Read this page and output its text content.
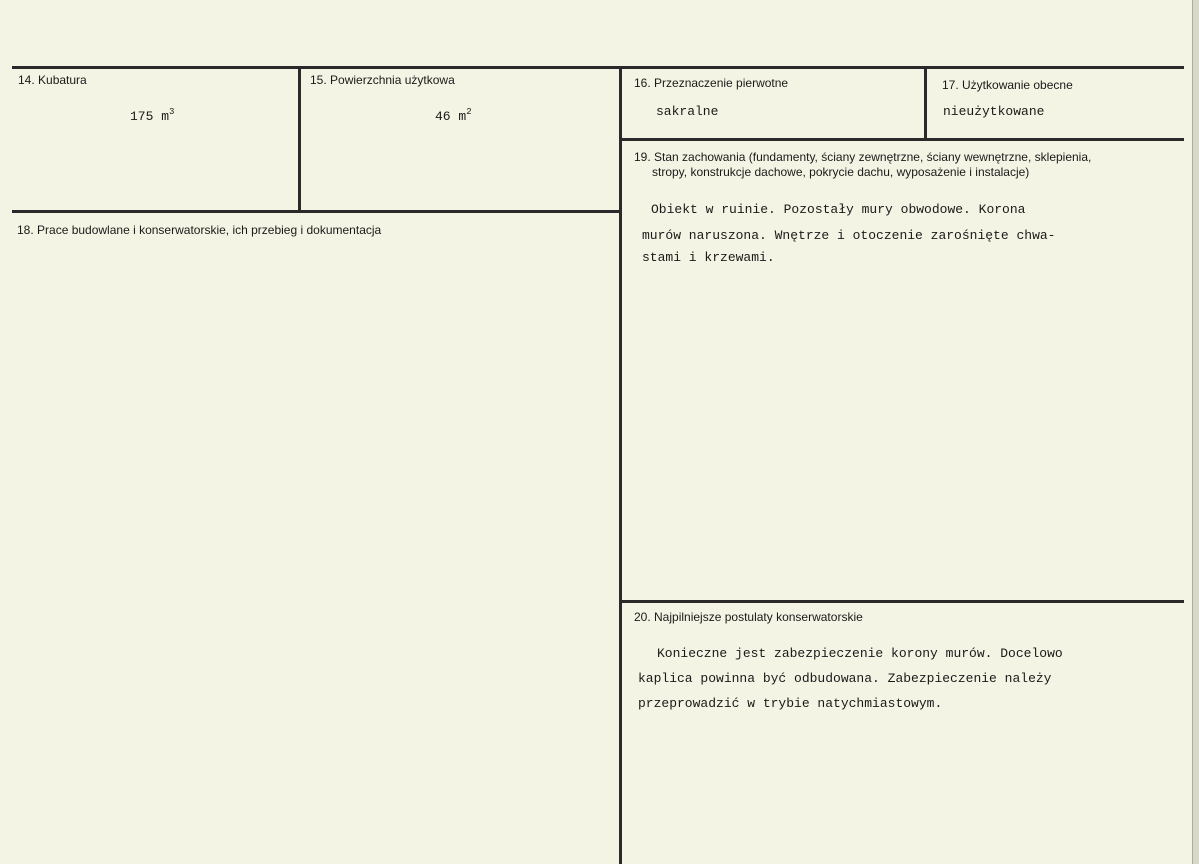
14. Kubatura
175 $m^3$
15. Powierzchnia użytkowa
46 $m^2$
16. Przeznaczenie pierwotne
sakralne
17. Użytkowanie obecne
nieużytkowane
18. Prace budowlane i konserwatorskie, ich przebieg i dokumentacja
19. Stan zachowania (fundamenty, ściany zewnętrzne, ściany wewnętrzne, sklepienia,
stropy, konstrukcje dachowe, pokrycie dachu, wyposażenie i instalacje)
Obiekt w ruinie. Pozostały mury obwodowe. Korona
murów naruszona. Wnętrze i otoczenie zarośnięte chwa-
stami i krzewami.
20. Najpilniejsze postulaty konserwatorskie
Konieczne jest zabezpieczenie korony murów. Docelowo
kaplica powinna być odbudowana. Zabezpieczenie należy
przeprowadzić w trybie natychmiastowym.
